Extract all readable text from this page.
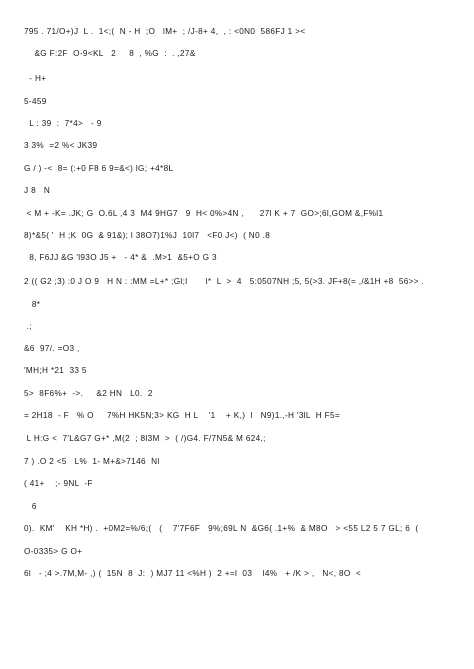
795 . 71/O+)J  L .  1<;(  N - H  ;O   lM+  ; /J-8+ 4,  , : <0N0  586FJ 1 ><
&G F:2F  O-9<KL   2     8  , %G  :  . ,27&
- H+
5-459
L : 39  :  7*4>   - 9
3 3%  =2 %< JK39
G / ) -<  8= (:+0 F8 6 9=&<) lG; +4*8L
J 8   N
< M + -K= .JK; G  O.6L ,4 3  M4 9HG7   9  H< 0%>4N ,      27l K + 7  GO>;6l,GOM &,F%l1
8)*&5( '  H ;K  0G  & 91&); l 38O7)1%J  10l7   <F0 J<)  ( N0 .8
8, F6JJ &G 'l93O J5 +   - 4* &  .M>1  &5+O G 3
2 (( G2 ;3) :0 J O 9   H N : :MM =L+* ;Gl;l       l*  L  >  4   5:0507NH ;5, 5(>3. JF+8(= ,/&1H +8  56>> .
8*
.;
&6  97/. =O3 ,
'MH;H *21  33 5
5>  8F6%+  ->.     &2 HN   L0.  2
= 2H18  - F   % O     7%H HK5N;3> KG  H L    '1    + K,)  l   N9)1.,-H '3lL  H F5=
L H:G <  7'L&G7 G+* ,M(2  ; 8l3M  >  ( /)G4. F/7N5& M 624,;
7 ) .O 2 <5   L%  1- M+&>7146  Nl
( 41+    ;- 9NL  -F
6
0).  KM'    KH *H) .  +0M2=%/6;(   (    7'7F6F   9%;69L N  &G6( .1+%  & M8O   > <55 L2 5 7 GL; 6  (
O-0335> G O+
6l   - ;4 >.7M,M- ,) (  15N  8  J:  ) MJ7 11 <%H )  2 +=l  03    l4%   + /K > ,   N<, 8O  <
